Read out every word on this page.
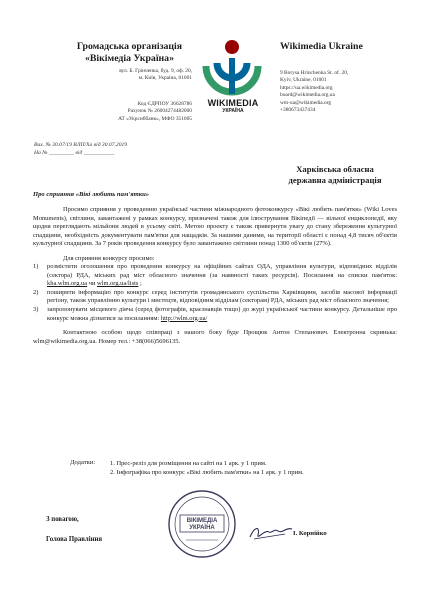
Громадська організація
«Вікімедіа Україна»
вул. Б. Грінченка, буд. 9, оф. 20,
м. Київ, Україна, 01001
Код ЄДРПОУ 36628786
Рахунок № 26004274482000
АТ «Укрсиббанк», МФО 351005
WIKIMEDIA
УКРАЇНА
Wikimedia Ukraine
9 Borysa Hrinchenka St. of. 20,
Kyiv, Ukraine, 01001
https://ua.wikimedia.org
board@wikimedia.org.ua
wm-ua@wikimedia.org
+380673437434
Вих. № 30.07/19 ВЛП/Ха від 30.07.2019
На № _________ від ___________
Харківська обласна
державна адміністрація
Про сприяння «Вікі любить пам'ятки»

Просимо сприяння у проведенню українськї частини міжнародного фотоконкурсу «Вікі любить пам'ятки» (Wiki Loves Monuments), світлини, завантажені у рамках конкурсу, призначені також для ілюстрування Вікіпедії — вільної енциклопедії, яку щодня переглядають мільйони людей в усьому світі. Метою проекту є також привернути увагу до стану збереження культурної спадщини, необхідність документувати пам'ятки для нащадків. За нашими даними, на території області є понад 4,8 тисяч об'єктів культурної спадщини. За 7 років проведення конкурсу було завантажено світлини понад 1300 об'єктів (27%).

Для сприяння конкурсу просимо:

1)	розмістити оголошення про проведення конкурсу на офіційних сайтах ОДА, управління культури, відповідних відділів (сектора) РДА, міських рад міст обласного значення (за наявності таких ресурсів). Посилання на списки пам'яток: kha.wlm.org.ua чи wlm.org.ua/lists ;
2)	поширити інформацію про конкурс серед інститутів громадянського суспільства Харківщини, засобів масової інформації регіону, також управлінню культури і мистецтв, відповідним відділам (секторам) РДА, міських рад міст обласного значення;
3)	запропонувати місцевого діяча (серед фотографів, краєзнавців тощо) до журі української частини конкурсу. Детальніше про конкурс можна дізнатися за посиланням: http://wlm.org.ua/

Контактною особою щодо співпраці з нашого боку буде Прощюк Антон Степанович. Електронна скринька: wlm@wikimedia.org.ua. Номер тел.: +38(066)5696135.

Додатки: 1. Прес-реліз для розміщення на сайті на 1 арк. у 1 прим.
2. Інфографіка про конкурс «Вікі любить пам'ятки» на 1 арк. у 1 прим.
З повагою,
Голова Правління
ВІКІМЕДІА
УКРАЇНА
І. Корнійко
